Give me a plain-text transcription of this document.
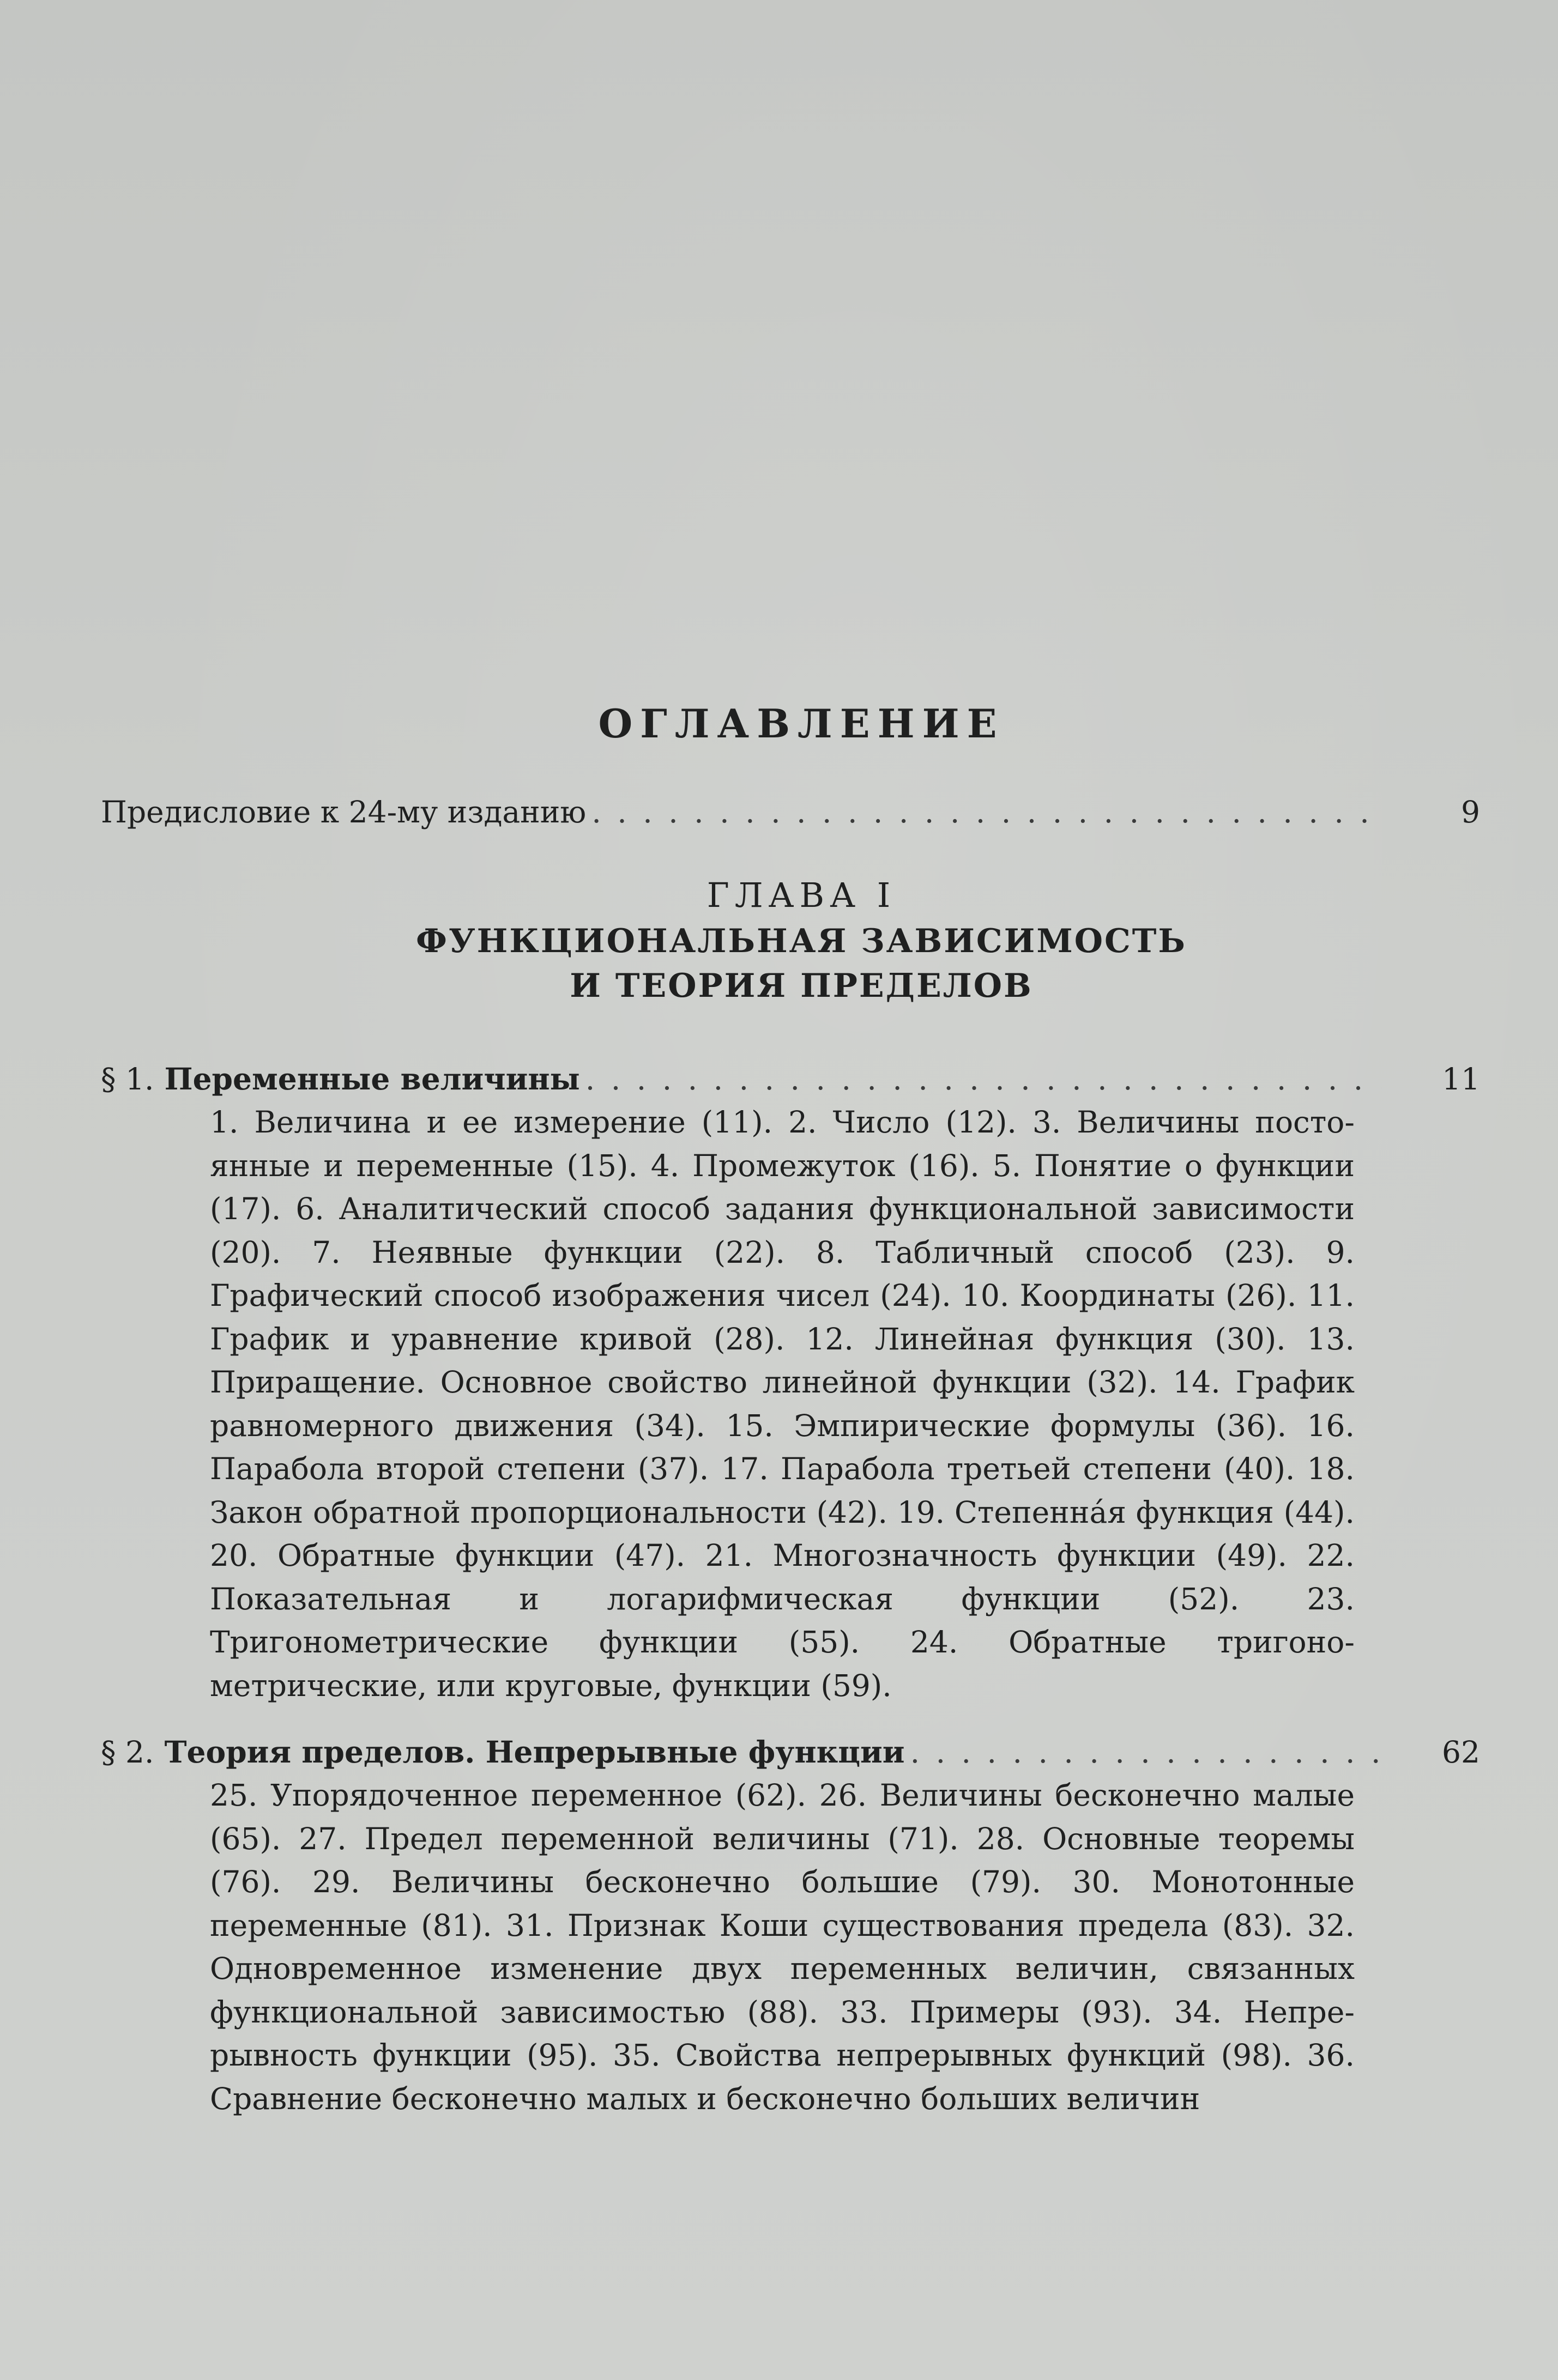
ОГЛАВЛЕНИЕ
Предисловие к 24-му изданию . . .	9
ГЛАВА I
ФУНКЦИОНАЛЬНАЯ ЗАВИСИМОСТЬ
И ТЕОРИЯ ПРЕДЕЛОВ
§ 1. Переменные величины . . .	11
1. Величина и ее измерение (11). 2. Число (12). 3. Величины постоянные и переменные (15). 4. Промежуток (16). 5. Понятие о функции (17). 6. Аналитический способ задания функциональной зависимости (20). 7. Неявные функции (22). 8. Табличный способ (23). 9. Графический способ изображения чисел (24). 10. Координаты (26). 11. График и уравнение кривой (28). 12. Линейная функция (30). 13. Приращение. Основное свойство линейной функции (32). 14. График равномерного движения (34). 15. Эмпирические формулы (36). 16. Парабола второй степени (37). 17. Парабола третьей степени (40). 18. Закон обратной пропорциональности (42). 19. Степенна́я функция (44). 20. Обратные функции (47). 21. Многозначность функции (49). 22. Показательная и логарифмическая функции (52). 23. Тригонометрические функции (55). 24. Обратные тригонометрические, или круговые, функции (59).
§ 2. Теория пределов. Непрерывные функции . . .	62
25. Упорядоченное переменное (62). 26. Величины бесконечно малые (65). 27. Предел переменной величины (71). 28. Основные теоремы (76). 29. Величины бесконечно большие (79). 30. Монотонные переменные (81). 31. Признак Коши существования предела (83). 32. Одновременное изменение двух переменных величин, связанных функциональной зависимостью (88). 33. Примеры (93). 34. Непрерывность функции (95). 35. Свойства непрерывных функций (98). 36. Сравнение бесконечно малых и бесконечно больших величин
